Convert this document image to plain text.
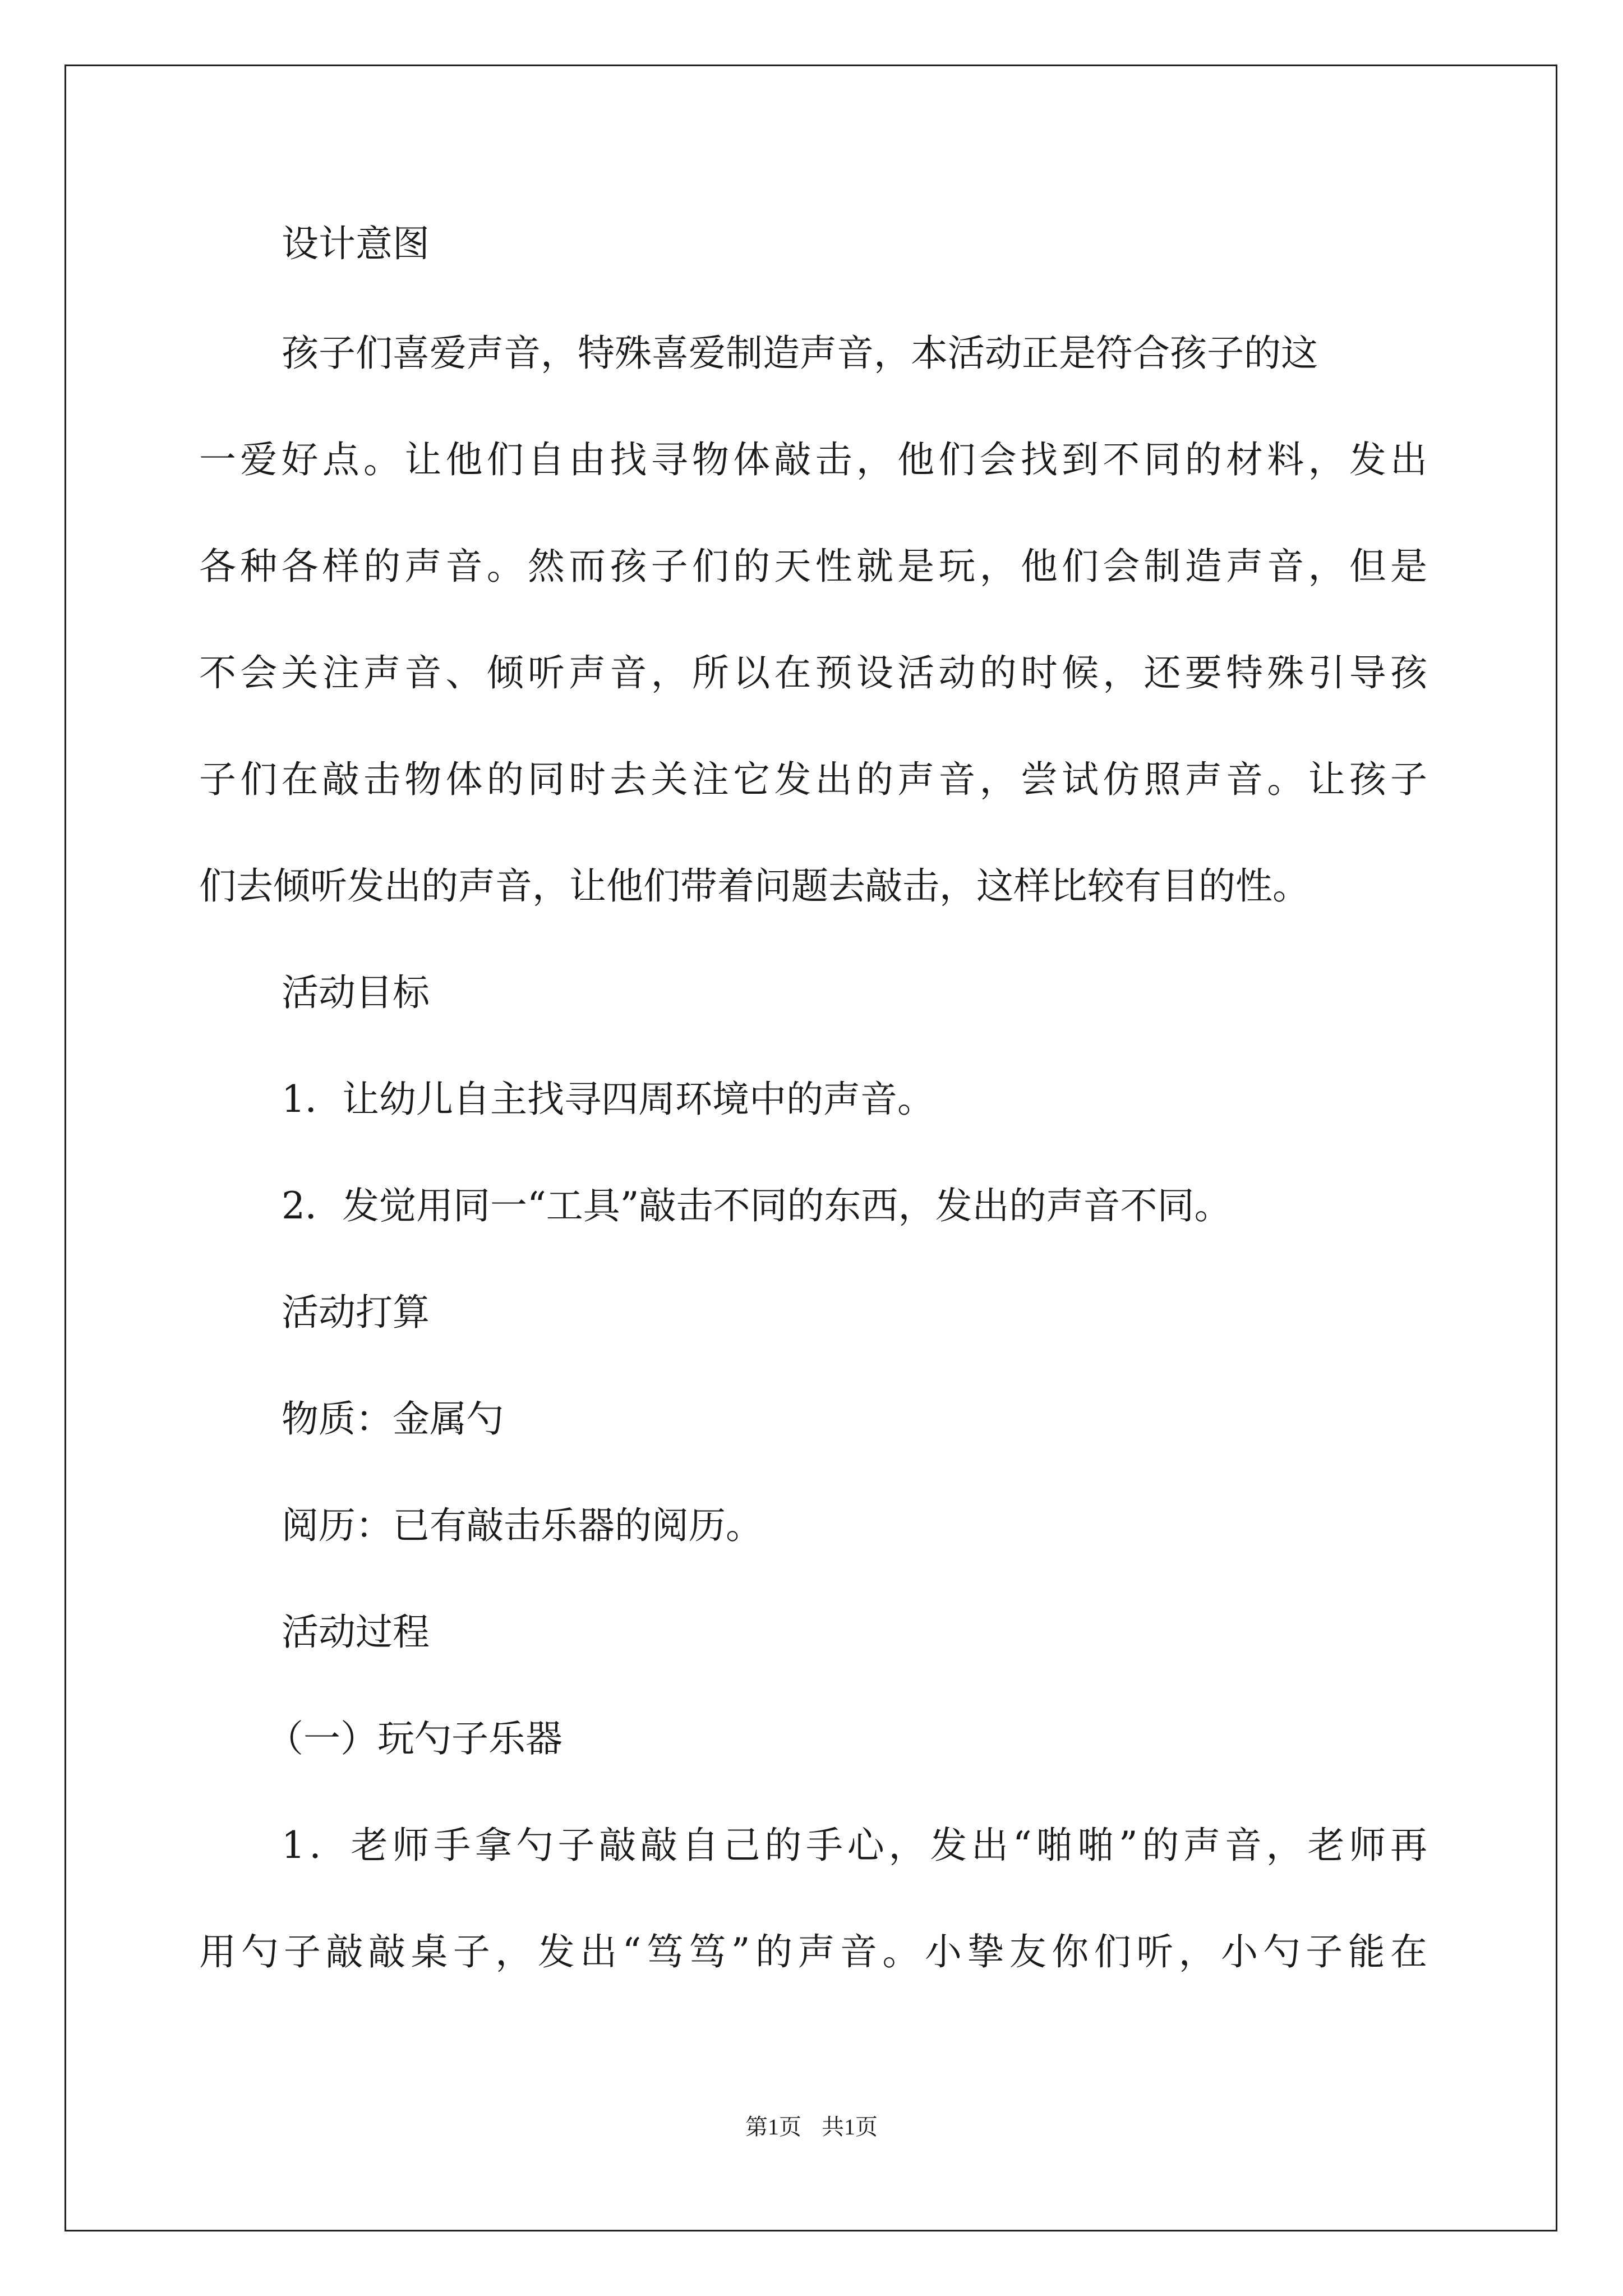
设计意图
孩子们喜爱声音，特殊喜爱制造声音，本活动正是符合孩子的这
一爱好点。让他们自由找寻物体敲击，他们会找到不同的材料，发出
各种各样的声音。然而孩子们的天性就是玩，他们会制造声音，但是
不会关注声音、倾听声音，所以在预设活动的时候，还要特殊引导孩
子们在敲击物体的同时去关注它发出的声音，尝试仿照声音。让孩子
们去倾听发出的声音，让他们带着问题去敲击，这样比较有目的性。
活动目标
1．让幼儿自主找寻四周环境中的声音。
2．发觉用同一“工具”敲击不同的东西，发出的声音不同。
活动打算
物质：金属勺
阅历：已有敲击乐器的阅历。
活动过程
（一）玩勺子乐器
1．老师手拿勺子敲敲自己的手心，发出“啪啪”的声音，老师再
用勺子敲敲桌子，发出“笃笃”的声音。小挚友你们听，小勺子能在
第1页 共1页
